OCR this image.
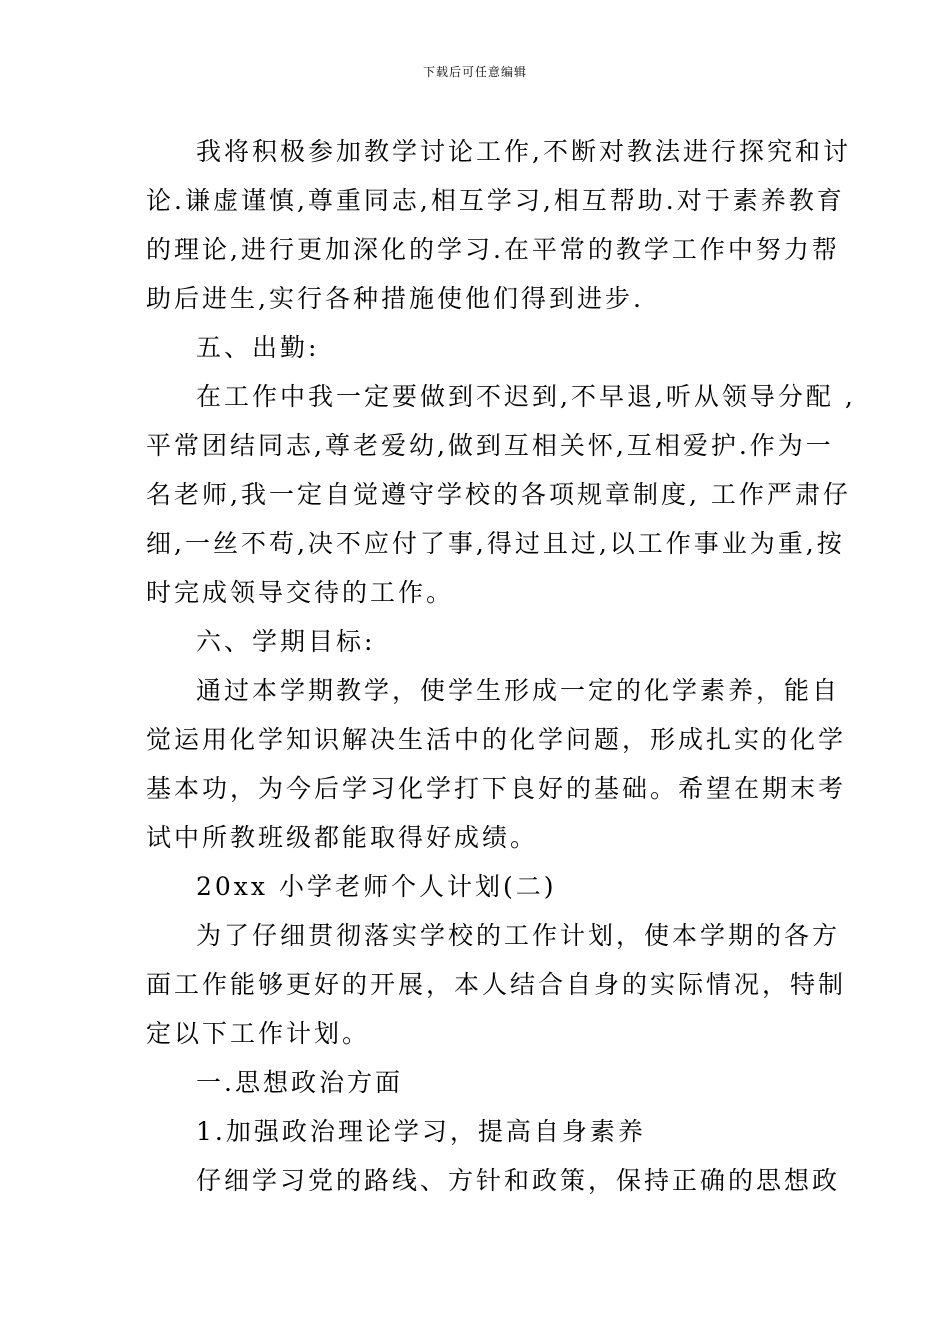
下载后可任意编辑
我将积极参加教学讨论工作,不断对教法进行探究和讨
论.谦虚谨慎,尊重同志,相互学习,相互帮助.对于素养教育
的理论,进行更加深化的学习.在平常的教学工作中努力帮
助后进生,实行各种措施使他们得到进步.
五、出勤:
在工作中我一定要做到不迟到,不早退,听从领导分配 ,
平常团结同志,尊老爱幼,做到互相关怀,互相爱护.作为一
名老师,我一定自觉遵守学校的各项规章制度, 工作严肃仔
细,一丝不苟,决不应付了事,得过且过,以工作事业为重,按
时完成领导交待的工作。
六、学期目标:
通过本学期教学，使学生形成一定的化学素养，能自
觉运用化学知识解决生活中的化学问题，形成扎实的化学
基本功，为今后学习化学打下良好的基础。希望在期末考
试中所教班级都能取得好成绩。
20xx 小学老师个人计划(二)
为了仔细贯彻落实学校的工作计划，使本学期的各方
面工作能够更好的开展，本人结合自身的实际情况，特制
定以下工作计划。
一.思想政治方面
1.加强政治理论学习，提高自身素养
仔细学习党的路线、方针和政策，保持正确的思想政
